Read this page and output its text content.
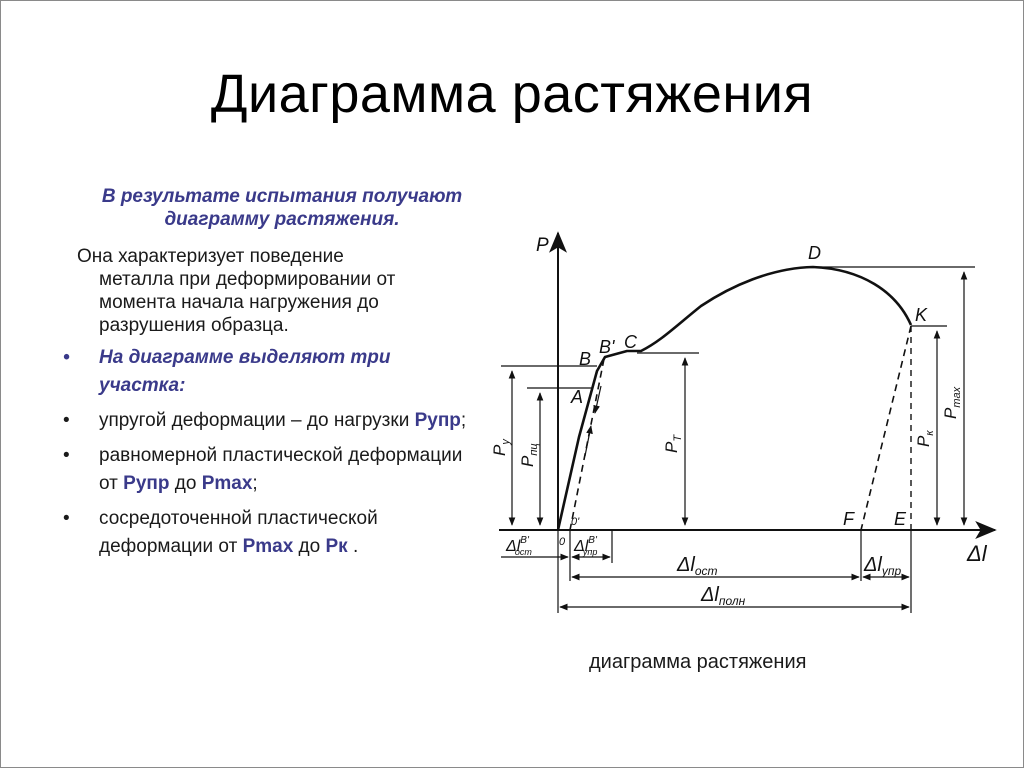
Диаграмма растяжения
В результате испытания получают диаграмму растяжения.
Она характеризует поведение
металла при деформировании от момента начала нагружения до разрушения образца.
• На диаграмме выделяют три участка:
• упругой деформации – до нагрузки Рупр;
• равномерной пластической деформации от Рупр до Рmax;
• сосредоточенной пластической деформации от Рmax до Рк .
P
Δl
0
0'
A
B
B' C
D
K
F E
$P_y$
$P_{пц}$	$P_T$	$P_к$
$P_{max}$
$\Delta l^{B'}$ ост	$\Delta l^{B'}$ упр
$\Delta l_{ост}$	$\Delta l_{упр}$
$\Delta l_{полн}$
диаграмма растяжения
